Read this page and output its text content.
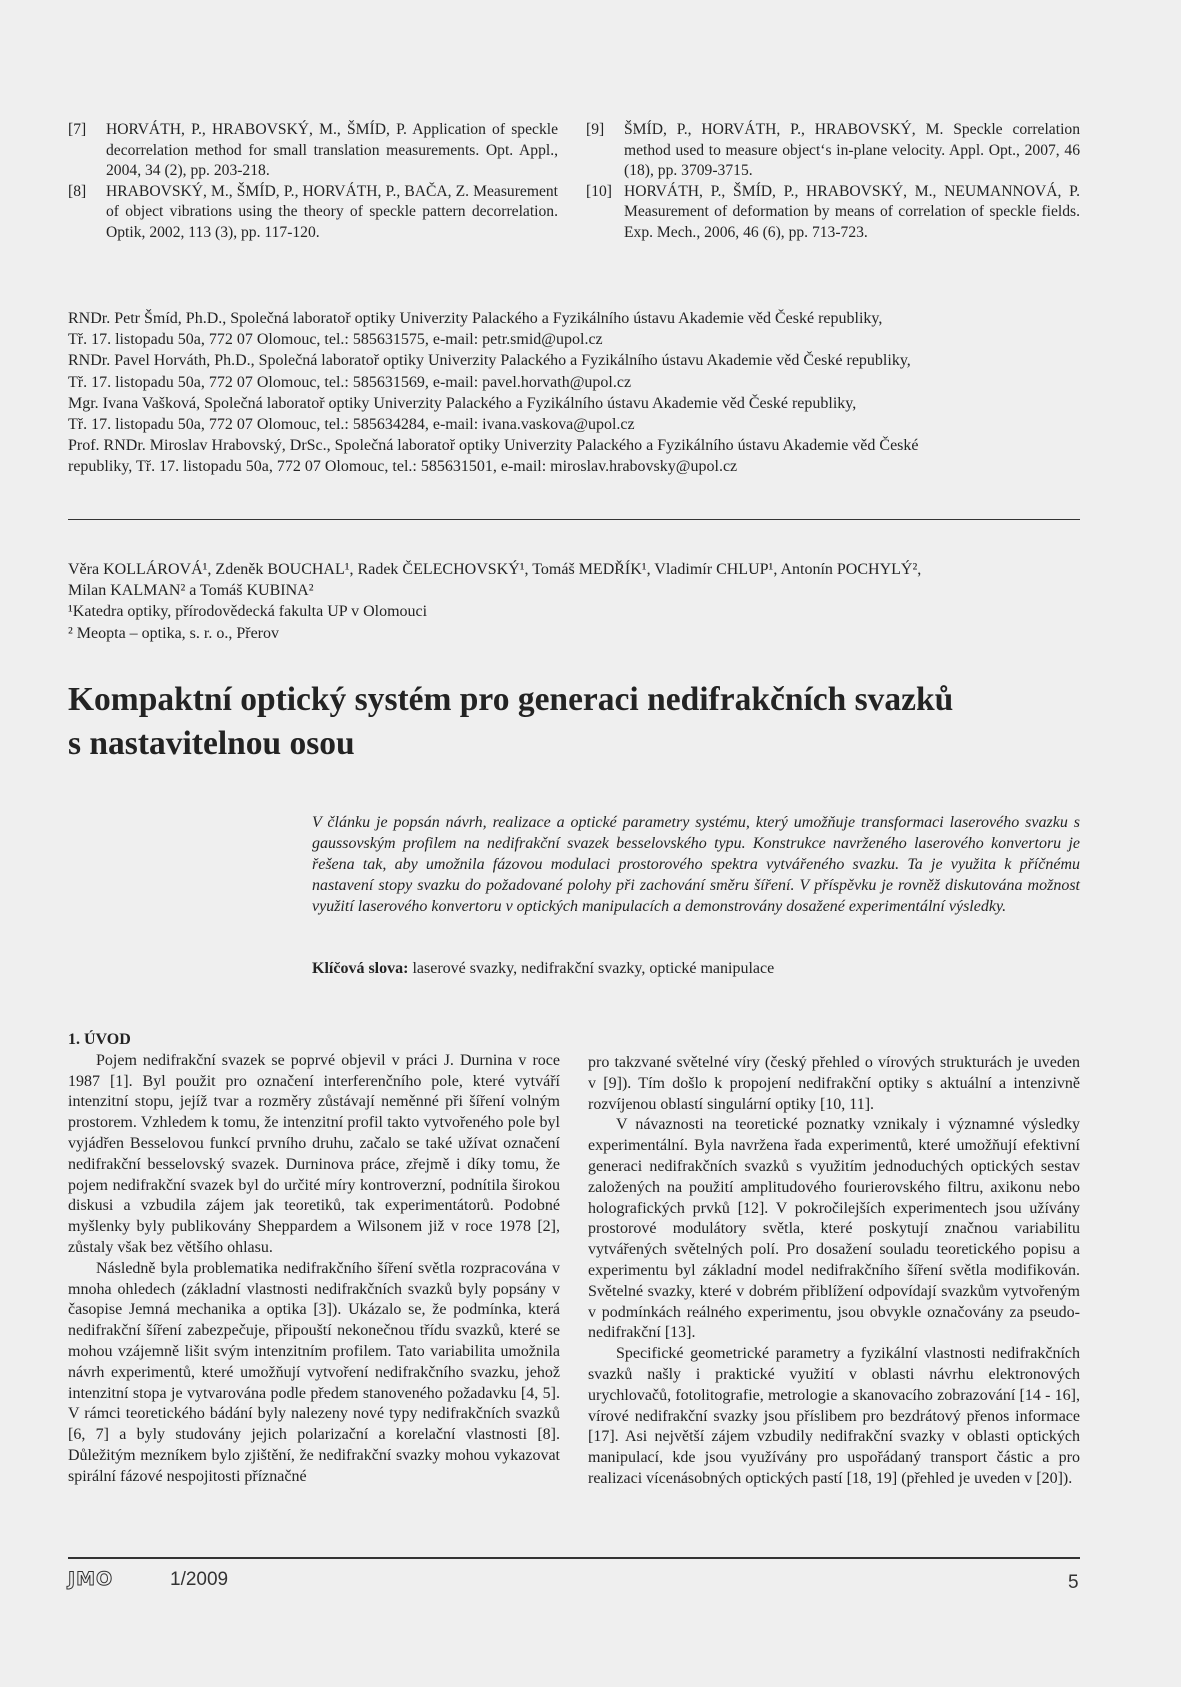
[7]	HORVÁTH, P., HRABOVSKÝ, M., ŠMÍD, P. Application of speckle decorrelation method for small translation measurements. Opt. Appl., 2004, 34 (2), pp. 203-218.
[8]	HRABOVSKÝ, M., ŠMÍD, P., HORVÁTH, P., BAČA, Z. Measurement of object vibrations using the theory of speckle pattern decorrelation. Optik, 2002, 113 (3), pp. 117-120.
[9]	ŠMÍD, P., HORVÁTH, P., HRABOVSKÝ, M. Speckle correlation method used to measure object‘s in-plane velocity. Appl. Opt., 2007, 46 (18), pp. 3709-3715.
[10] HORVÁTH, P., ŠMÍD, P., HRABOVSKÝ, M., NEUMANNOVÁ, P. Measurement of deformation by means of correlation of speckle fields. Exp. Mech., 2006, 46 (6), pp. 713-723.
RNDr. Petr Šmíd, Ph.D., Společná laboratoř optiky Univerzity Palackého a Fyzikálního ústavu Akademie věd České republiky,
Tř. 17. listopadu 50a, 772 07 Olomouc, tel.: 585631575, e-mail: petr.smid@upol.cz
RNDr. Pavel Horváth, Ph.D., Společná laboratoř optiky Univerzity Palackého a Fyzikálního ústavu Akademie věd České republiky,
Tř. 17. listopadu 50a, 772 07 Olomouc, tel.: 585631569, e-mail: pavel.horvath@upol.cz
Mgr. Ivana Vašková, Společná laboratoř optiky Univerzity Palackého a Fyzikálního ústavu Akademie věd České republiky,
Tř. 17. listopadu 50a, 772 07 Olomouc, tel.: 585634284, e-mail: ivana.vaskova@upol.cz
Prof. RNDr. Miroslav Hrabovský, DrSc., Společná laboratoř optiky Univerzity Palackého a Fyzikálního ústavu Akademie věd České
republiky, Tř. 17. listopadu 50a, 772 07 Olomouc, tel.: 585631501, e-mail: miroslav.hrabovsky@upol.cz
Věra KOLLÁROVÁ¹, Zdeněk BOUCHAL¹, Radek ČELECHOVSKÝ¹, Tomáš MEDŘÍK¹, Vladimír CHLUP¹, Antonín POCHYLÝ²,
Milan KALMAN² a Tomáš KUBINA²
¹Katedra optiky, přírodovědecká fakulta UP v Olomouci
² Meopta – optika, s. r. o., Přerov
Kompaktní optický systém pro generaci nedifrakčních svazků
s nastavitelnou osou
V článku je popsán návrh, realizace a optické parametry systému, který umožňuje transformaci laserového svazku s gaussovským profilem na nedifrakční svazek besselovského typu. Konstrukce navrženého laserového konvertoru je řešena tak, aby umožnila fázovou modulaci prostorového spektra vytvářeného svazku. Ta je využita k příčnému nastavení stopy svazku do požadované polohy při zachování směru šíření. V příspěvku je rovněž diskutována možnost využití laserového konvertoru v optických manipulacích a demonstrovány dosažené experimentální výsledky.
Klíčová slova: laserové svazky, nedifrakční svazky, optické manipulace

1. ÚVOD

Pojem nedifrakční svazek se poprvé objevil v práci J. Durnina v roce 1987 [1]. Byl použit pro označení interferenčního pole, které vytváří intenzitní stopu, jejíž tvar a rozměry zůstávají neměnné při šíření volným prostorem. Vzhledem k tomu, že intenzitní profil takto vytvořeného pole byl vyjádřen Besselovou funkcí prvního druhu, začalo se také užívat označení nedifrakční besselovský svazek. Durninova práce, zřejmě i díky tomu, že pojem nedifrakční svazek byl do určité míry kontroverzní, podnítila širokou diskusi a vzbudila zájem jak teoretiků, tak experimentátorů. Podobné myšlenky byly publikovány Sheppardem a Wilsonem již v roce 1978 [2], zůstaly však bez většího ohlasu.

Následně byla problematika nedifrakčního šíření světla rozpracována v mnoha ohledech (základní vlastnosti nedifrakčních svazků byly popsány v časopise Jemná mechanika a optika [3]). Ukázalo se, že podmínka, která nedifrakční šíření zabezpečuje, připouští nekonečnou třídu svazků, které se mohou vzájemně lišit svým intenzitním profilem. Tato variabilita umožnila návrh experimentů, které umožňují vytvoření nedifrakčního svazku, jehož intenzitní stopa je vytvarována podle předem stanoveného požadavku [4, 5]. V rámci teoretického bádání byly nalezeny nové typy nedifrakčních svazků [6, 7] a byly studovány jejich polarizační a korelační vlastnosti [8]. Důležitým mezníkem bylo zjištění, že nedifrakční svazky mohou vykazovat spirální fázové nespojitosti příznačné

pro takzvané světelné víry (český přehled o vírových strukturách je uveden v [9]). Tím došlo k propojení nedifrakční optiky s aktuální a intenzivně rozvíjenou oblastí singulární optiky [10, 11].

V návaznosti na teoretické poznatky vznikaly i významné výsledky experimentální. Byla navržena řada experimentů, které umožňují efektivní generaci nedifrakčních svazků s využitím jednoduchých optických sestav založených na použití amplitudového fourierovského filtru, axikonu nebo holografických prvků [12]. V pokročilejších experimentech jsou užívány prostorové modulátory světla, které poskytují značnou variabilitu vytvářených světelných polí. Pro dosažení souladu teoretického popisu a experimentu byl základní model nedifrakčního šíření světla modifikován. Světelné svazky, které v dobrém přiblížení odpovídají svazkům vytvořeným v podmínkách reálného experimentu, jsou obvykle označovány za pseudo-nedifrakční [13].

Specifické geometrické parametry a fyzikální vlastnosti nedifrakčních svazků našly i praktické využití v oblasti návrhu elektronových urychlovačů, fotolitografie, metrologie a skanovacího zobrazování [14 - 16], vírové nedifrakční svazky jsou příslibem pro bezdrátový přenos informace [17]. Asi největší zájem vzbudily nedifrakční svazky v oblasti optických manipulací, kde jsou využívány pro uspořádaný transport částic a pro realizaci vícenásobných optických pastí [18, 19] (přehled je uveden v [20]).

JMO	1/2009	5
